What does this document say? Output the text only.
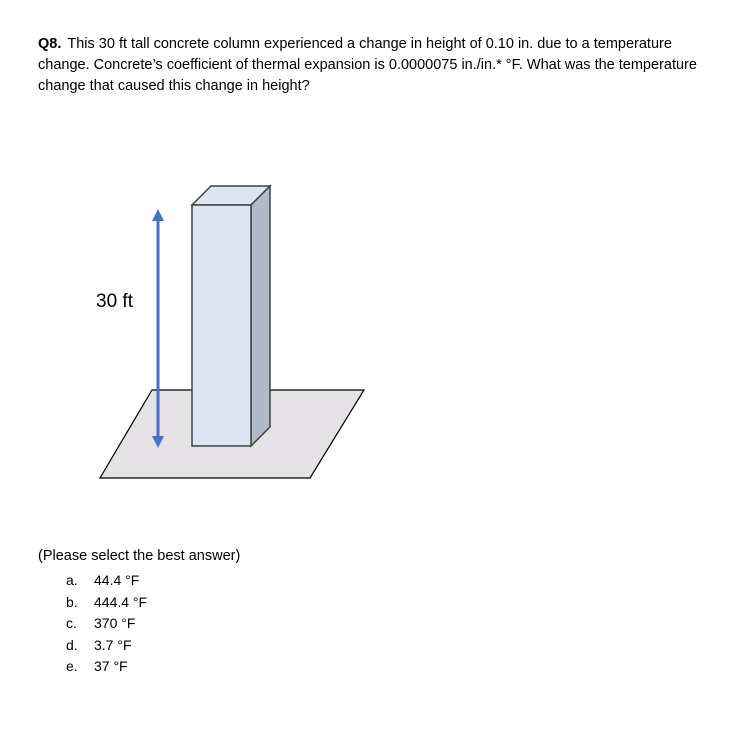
Q8. This 30 ft tall concrete column experienced a change in height of 0.10 in. due to a temperature change. Concrete’s coefficient of thermal expansion is 0.0000075 in./in.* °F. What was the temperature change that caused this change in height?
30 ft
(Please select the best answer)
a.	44.4 °F
b.	444.4 °F
c.	370 °F
d.	3.7 °F
e.	37 °F
